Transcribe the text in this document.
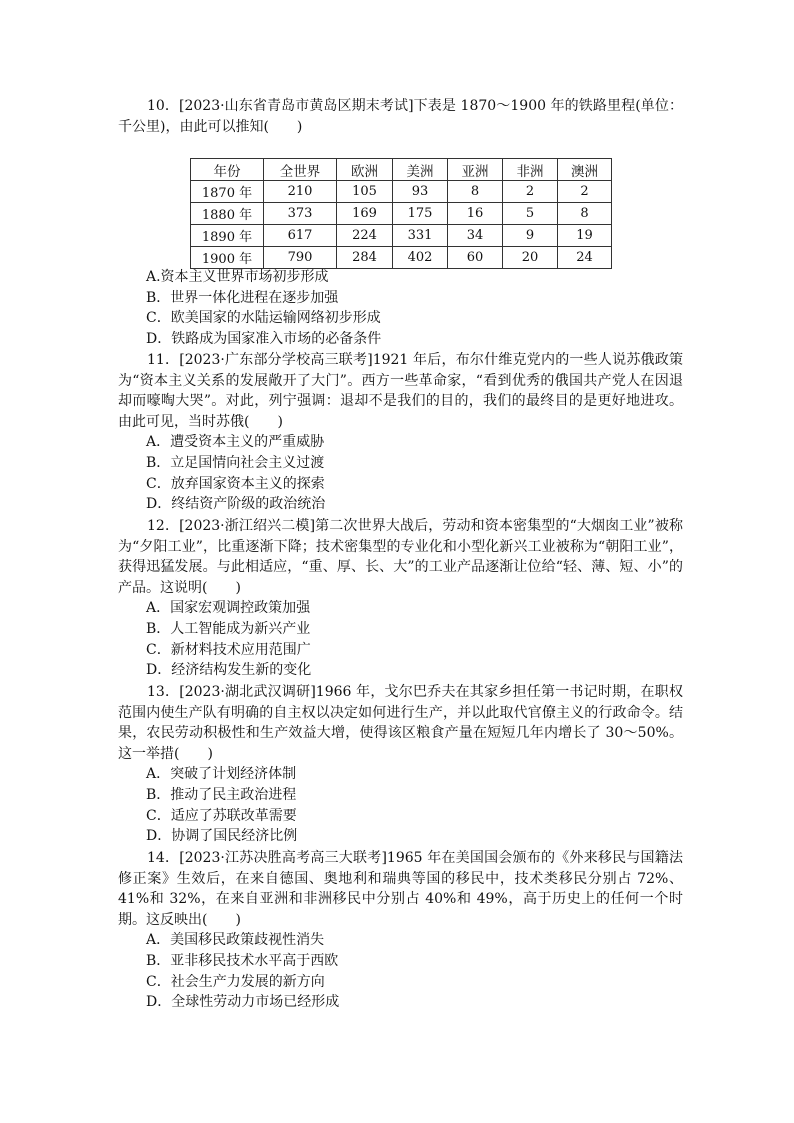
10．[2023·山东省青岛市黄岛区期末考试]下表是 1870～1900 年的铁路里程(单位：千公里)，由此可以推知(　　)

年份	全世界	欧洲	美洲	亚洲	非洲	澳洲
1870 年	210	105	93	8	2	2
1880 年	373	169	175	16	5	8
1890 年	617	224	331	34	9	19
1900 年	790	284	402	60	20	24

A.资本主义世界市场初步形成

B．世界一体化进程在逐步加强

C．欧美国家的水陆运输网络初步形成

D．铁路成为国家准入市场的必备条件

11．[2023·广东部分学校高三联考]1921 年后，布尔什维克党内的一些人说苏俄政策为“资本主义关系的发展敞开了大门”。西方一些革命家，“看到优秀的俄国共产党人在因退却而嚎啕大哭”。对此，列宁强调：退却不是我们的目的，我们的最终目的是更好地进攻。由此可见，当时苏俄(　　)

A．遭受资本主义的严重威胁

B．立足国情向社会主义过渡

C．放弃国家资本主义的探索

D．终结资产阶级的政治统治

12．[2023·浙江绍兴二模]第二次世界大战后，劳动和资本密集型的“大烟囱工业”被称为“夕阳工业”，比重逐渐下降；技术密集型的专业化和小型化新兴工业被称为“朝阳工业”，获得迅猛发展。与此相适应，“重、厚、长、大”的工业产品逐渐让位给“轻、薄、短、小”的产品。这说明(　　)

A．国家宏观调控政策加强

B．人工智能成为新兴产业

C．新材料技术应用范围广

D．经济结构发生新的变化

13．[2023·湖北武汉调研]1966 年，戈尔巴乔夫在其家乡担任第一书记时期，在职权范围内使生产队有明确的自主权以决定如何进行生产，并以此取代官僚主义的行政命令。结果，农民劳动积极性和生产效益大增，使得该区粮食产量在短短几年内增长了 30～50%。这一举措(　　)

A．突破了计划经济体制

B．推动了民主政治进程

C．适应了苏联改革需要

D．协调了国民经济比例

14．[2023·江苏决胜高考高三大联考]1965 年在美国国会颁布的《外来移民与国籍法修正案》生效后，在来自德国、奥地利和瑞典等国的移民中，技术类移民分别占 72%、41%和 32%，在来自亚洲和非洲移民中分别占 40%和 49%，高于历史上的任何一个时期。这反映出(　　)

A．美国移民政策歧视性消失

B．亚非移民技术水平高于西欧

C．社会生产力发展的新方向

D．全球性劳动力市场已经形成
